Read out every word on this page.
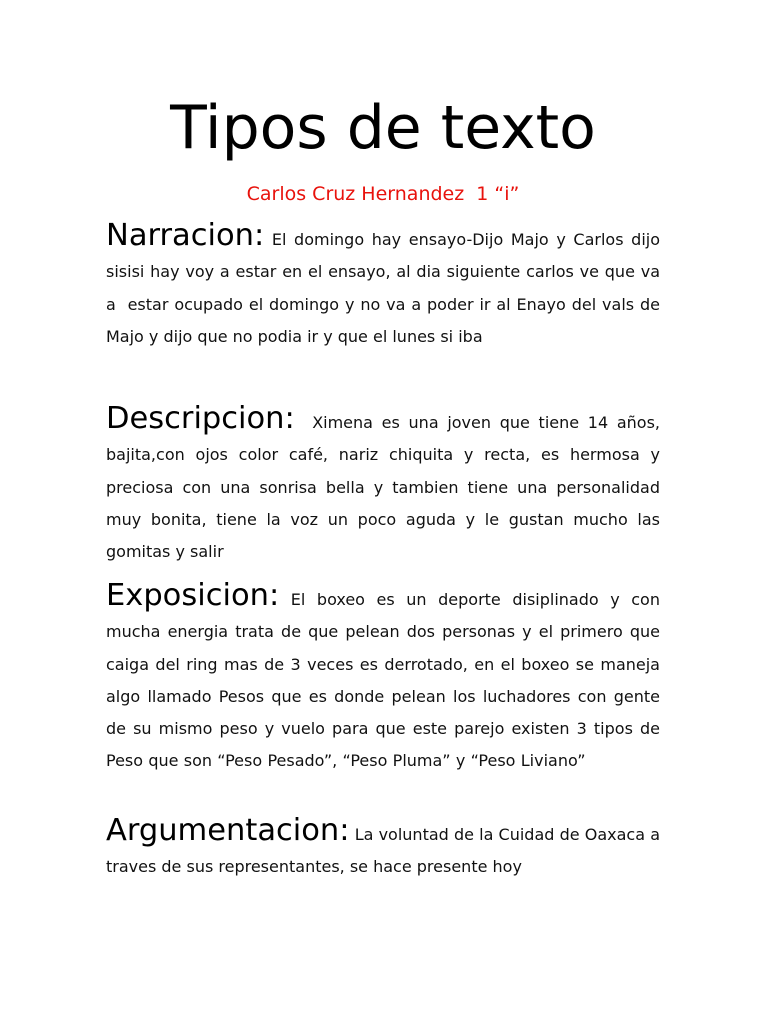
Tipos de texto
Carlos Cruz Hernandez  1 “i”
Narracion: El domingo hay ensayo-Dijo Majo y Carlos dijo sisisi hay voy a estar en el ensayo, al dia siguiente carlos ve que va a  estar ocupado el domingo y no va a poder ir al Enayo del vals de Majo y dijo que no podia ir y que el lunes si iba
Descripcion:  Ximena es una joven que tiene 14 años, bajita,con ojos color café, nariz chiquita y recta, es hermosa y preciosa con una sonrisa bella y tambien tiene una personalidad muy bonita, tiene la voz un poco aguda y le gustan mucho las gomitas y salir
Exposicion: El boxeo es un deporte disiplinado y con mucha energia trata de que pelean dos personas y el primero que caiga del ring mas de 3 veces es derrotado, en el boxeo se maneja algo llamado Pesos que es donde pelean los luchadores con gente de su mismo peso y vuelo para que este parejo existen 3 tipos de Peso que son “Peso Pesado”, “Peso Pluma” y “Peso Liviano”
Argumentacion: La voluntad de la Cuidad de Oaxaca a traves de sus representantes, se hace presente hoy
